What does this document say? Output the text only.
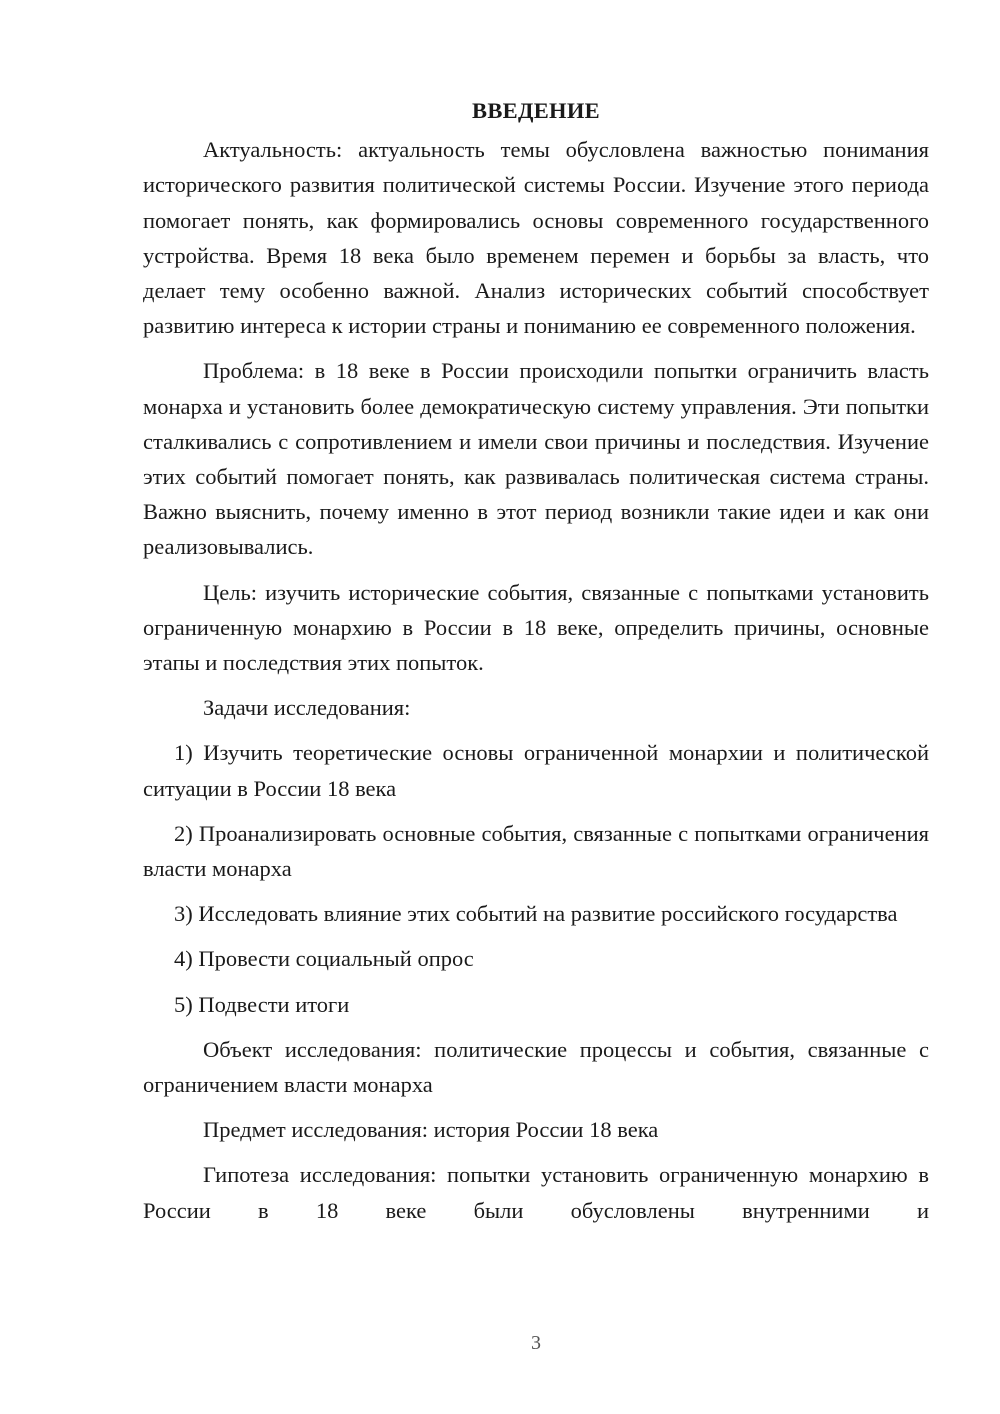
ВВЕДЕНИЕ

Актуальность: актуальность темы обусловлена важностью понимания исторического развития политической системы России. Изучение этого периода помогает понять, как формировались основы современного государственного устройства. Время 18 века было временем перемен и борьбы за власть, что делает тему особенно важной. Анализ исторических событий способствует развитию интереса к истории страны и пониманию ее современного положения.

Проблема: в 18 веке в России происходили попытки ограничить власть монарха и установить более демократическую систему управления. Эти попытки сталкивались с сопротивлением и имели свои причины и последствия. Изучение этих событий помогает понять, как развивалась политическая система страны. Важно выяснить, почему именно в этот период возникли такие идеи и как они реализовывались.

Цель: изучить исторические события, связанные с попытками установить ограниченную монархию в России в 18 веке, определить причины, основные этапы и последствия этих попыток.

Задачи исследования:

1) Изучить теоретические основы ограниченной монархии и политической ситуации в России 18 века

2) Проанализировать основные события, связанные с попытками ограничения власти монарха

3) Исследовать влияние этих событий на развитие российского государства

4) Провести социальный опрос

5) Подвести итоги

Объект исследования: политические процессы и события, связанные с ограничением власти монарха

Предмет исследования: история России 18 века

Гипотеза исследования: попытки установить ограниченную монархию в России в 18 веке были обусловлены внутренними и

3
